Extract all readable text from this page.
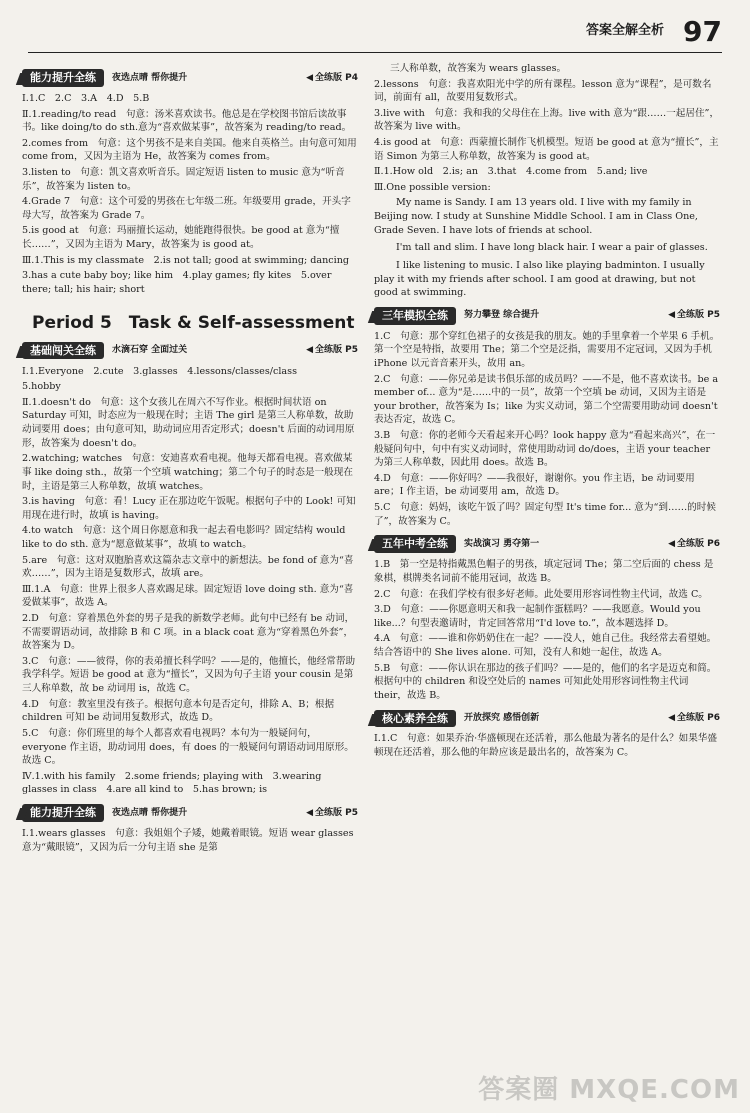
答案全解全析 97
能力提升全练	夜选点晴 帮你提升	◀ 全练版 P4

Ⅰ.1.C　2.C　3.A　4.D　5.B

Ⅱ.1.reading/to read　句意：汤米喜欢读书。他总是在学校图书馆后读故事书。like doing/to do sth.意为“喜欢做某事”，故答案为 reading/to read。

2.comes from　句意：这个男孩不是来自美国。他来自英格兰。由句意可知用 come from，又因为主语为 He，故答案为 comes from。

3.listen to　句意：凯文喜欢听音乐。固定短语 listen to music 意为“听音乐”，故答案为 listen to。

4.Grade 7　句意：这个可爱的男孩在七年级二班。年级要用 grade，开头字母大写，故答案为 Grade 7。

5.is good at　句意：玛丽擅长运动，她能跑得很快。be good at 意为“擅长……”，又因为主语为 Mary，故答案为 is good at。

Ⅲ.1.This is my classmate　2.is not tall; good at swimming; dancing

3.has a cute baby boy; like him　4.play games; fly kites　5.over there; tall; his hair; short

Period 5　Task & Self-assessment
基础闯关全练	水滴石穿 全面过关	◀ 全练版 P5

Ⅰ.1.Everyone　2.cute　3.glasses　4.lessons/classes/class

5.hobby

Ⅱ.1.doesn't do　句意：这个女孩儿在周六不写作业。根据时间状语 on Saturday 可知，时态应为一般现在时；主语 The girl 是第三人称单数，故助动词要用 does；由句意可知，助动词应用否定形式；doesn't 后面的动词用原形，故答案为 doesn't do。

2.watching; watches　句意：安迪喜欢看电视。他每天都看电视。喜欢做某事 like doing sth.，故第一个空填 watching；第二个句子的时态是一般现在时，主语是第三人称单数，故填 watches。

3.is having　句意：看！Lucy 正在那边吃午饭呢。根据句子中的 Look! 可知用现在进行时，故填 is having。

4.to watch　句意：这个周日你愿意和我一起去看电影吗？固定结构 would like to do sth. 意为“愿意做某事”，故填 to watch。

5.are　句意：这对双胞胎喜欢这篇杂志文章中的新想法。be fond of 意为“喜欢……”，因为主语是复数形式，故填 are。

Ⅲ.1.A　句意：世界上很多人喜欢踢足球。固定短语 love doing sth. 意为“喜爱做某事”，故选 A。

2.D　句意：穿着黑色外套的男子是我的新数学老师。此句中已经有 be 动词，不需要谓语动词，故排除 B 和 C 项。in a black coat 意为“穿着黑色外套”，故答案为 D。

3.C　句意：——彼得，你的表弟擅长科学吗？——是的，他擅长，他经常帮助我学科学。短语 be good at 意为“擅长”，又因为句子主语 your cousin 是第三人称单数，故 be 动词用 is，故选 C。

4.D　句意：教室里没有孩子。根据句意本句是否定句，排除 A、B；根据 children 可知 be 动词用复数形式，故选 D。

5.C　句意：你们班里的每个人都喜欢看电视吗？本句为一般疑问句，everyone 作主语，助动词用 does，有 does 的一般疑问句谓语动词用原形。故选 C。

Ⅳ.1.with his family　2.some friends; playing with　3.wearing glasses in class　4.are all kind to　5.has brown; is

能力提升全练	夜选点晴 帮你提升	◀ 全练版 P5

Ⅰ.1.wears glasses　句意：我姐姐个子矮，她戴着眼镜。短语 wear glasses 意为“戴眼镜”，又因为后一分句主语 she 是第

三人称单数，故答案为 wears glasses。

2.lessons　句意：我喜欢阳光中学的所有课程。lesson 意为“课程”，是可数名词，前面有 all，故要用复数形式。

3.live with　句意：我和我的父母住在上海。live with 意为“跟……一起居住”，故答案为 live with。

4.is good at　句意：西蒙擅长制作飞机模型。短语 be good at 意为“擅长”，主语 Simon 为第三人称单数，故答案为 is good at。

Ⅱ.1.How old　2.is; an　3.that　4.come from　5.and; live

Ⅲ.One possible version:

My name is Sandy. I am 13 years old. I live with my family in Beijing now. I study at Sunshine Middle School. I am in Class One, Grade Seven. I have lots of friends at school.

I'm tall and slim. I have long black hair. I wear a pair of glasses.

I like listening to music. I also like playing badminton. I usually play it with my friends after school. I am good at drawing, but not good at swimming.

三年模拟全练	努力攀登 综合提升	◀ 全练版 P5

1.C　句意：那个穿红色裙子的女孩是我的朋友。她的手里拿着一个苹果 6 手机。第一个空是特指，故要用 The；第二个空是泛指，需要用不定冠词，又因为手机 iPhone 以元音音素开头，故用 an。

2.C　句意：——你兄弟是读书俱乐部的成员吗？——不是，他不喜欢读书。be a member of... 意为“是……中的一员”，故第一个空填 be 动词，又因为主语是 your brother，故答案为 Is；like 为实义动词，第二个空需要用助动词 doesn't 表达否定，故选 C。

3.B　句意：你的老师今天看起来开心吗？look happy 意为“看起来高兴”，在一般疑问句中，句中有实义动词时，常使用助动词 do/does，主语 your teacher 为第三人称单数，因此用 does。故选 B。

4.D　句意：——你好吗？——我很好，谢谢你。you 作主语，be 动词要用 are；I 作主语，be 动词要用 am，故选 D。

5.C　句意：妈妈，该吃午饭了吗？固定句型 It's time for... 意为“到……的时候了”，故答案为 C。

五年中考全练	实战演习 勇夺第一	◀ 全练版 P6

1.B　第一空是特指戴黑色帽子的男孩，填定冠词 The；第二空后面的 chess 是象棋，棋牌类名词前不能用冠词，故选 B。

2.C　句意：在我们学校有很多好老师。此处要用形容词性物主代词，故选 C。

3.D　句意：——你愿意明天和我一起制作蛋糕吗？——我愿意。Would you like...？句型表邀请时，肯定回答常用“I'd love to.”，故本题选择 D。

4.A　句意：——谁和你奶奶住在一起？——没人，她自己住。我经常去看望她。结合答语中的 She lives alone. 可知，没有人和她一起住，故选 A。

5.B　句意：——你认识在那边的孩子们吗？——是的，他们的名字是迈克和简。根据句中的 children 和设空处后的 names 可知此处用形容词性物主代词 their，故选 B。

核心素养全练	开放探究 感悟创新	◀ 全练版 P6

Ⅰ.1.C　句意：如果乔治·华盛顿现在还活着，那么他最为著名的是什么？如果华盛顿现在还活着，那么他的年龄应该是最出名的，故答案为 C。

答案圈 MXQE.COM
